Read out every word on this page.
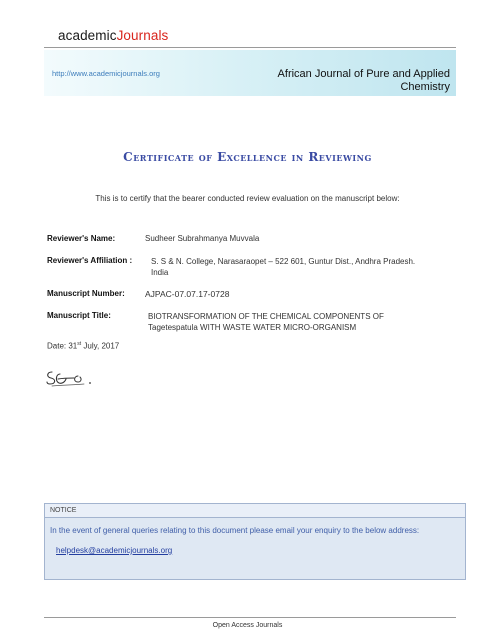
academicJournals
http://www.academicjournals.org	African Journal of Pure and Applied
Chemistry
Certificate of Excellence in Reviewing
This is to certify that the bearer conducted review evaluation on the manuscript below:
Reviewer's Name:	Sudheer Subrahmanya Muvvala
Reviewer's Affiliation : S. S & N. College, Narasaraopet – 522 601, Guntur Dist., Andhra Pradesh.
India
Manuscript Number: AJPAC-07.07.17-0728
Manuscript Title:	BIOTRANSFORMATION OF THE CHEMICAL COMPONENTS OF
Tagetespatula WITH WASTE WATER MICRO-ORGANISM
Date: 31st July, 2017
NOTICE
In the event of general queries relating to this document please email your enquiry to the below address:
helpdesk@academicjournals.org
Open Access Journals
